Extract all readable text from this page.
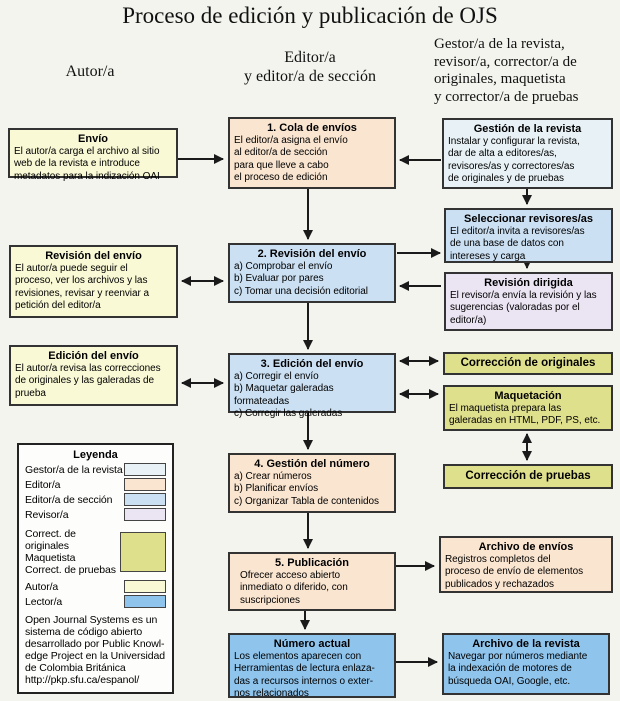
Proceso de edición y publicación de OJS
Autor/a
Editor/a
y editor/a de sección
Gestor/a de la revista,
revisor/a, corrector/a de
originales, maquetista
y corrector/a de pruebas
Envío
El autor/a carga el archivo al sitio
web de la revista e introduce
metadatos para la indización OAI
Revisión del envío
El autor/a puede seguir el
proceso, ver los archivos y las
revisiones, revisar y reenviar a
petición del editor/a
Edición del envío
El autor/a revisa las correcciones
de originales y las galeradas de
prueba
1. Cola de envíos
El editor/a asigna el envío
al editor/a de sección
para que lleve a cabo
el proceso de edición
2. Revisión del envío
a) Comprobar el envío
b) Evaluar por pares
c) Tomar una decisión editorial
3. Edición del envío
a) Corregir el envío
b) Maquetar galeradas formateadas
c) Corregir las galeradas
4. Gestión del número
a) Crear números
b) Planificar envíos
c) Organizar Tabla de contenidos
5. Publicación
Ofrecer acceso abierto
inmediato o diferido, con
suscripciones
Número actual
Los elementos aparecen con
Herramientas de lectura enlaza-
das a recursos internos o exter-
nos relacionados
Gestión de la revista
Instalar y configurar la revista,
dar de alta a editores/as,
revisores/as y correctores/as
de originales y de pruebas
Seleccionar revisores/as
El editor/a invita a revisores/as
de una base de datos con
intereses y carga
Revisión dirigida
El revisor/a envía la revisión y las
sugerencias (valoradas por el
editor/a)
Corrección de originales
Maquetación
El maquetista prepara las
galeradas en HTML, PDF, PS, etc.
Corrección de pruebas
Archivo de envíos
Registros completos del
proceso de envío de elementos
publicados y rechazados
Archivo de la revista
Navegar por números mediante
la indexación de motores de
búsqueda OAI, Google, etc.
Leyenda
Gestor/a de la revista
Editor/a
Editor/a de sección
Revisor/a
Correct. de originales
Maquetista
Correct. de pruebas
Autor/a
Lector/a
Open Journal Systems es un
sistema de código abierto
desarrollado por Public Knowl-
edge Project en la Universidad
de Colombia Británica
http://pkp.sfu.ca/espanol/
